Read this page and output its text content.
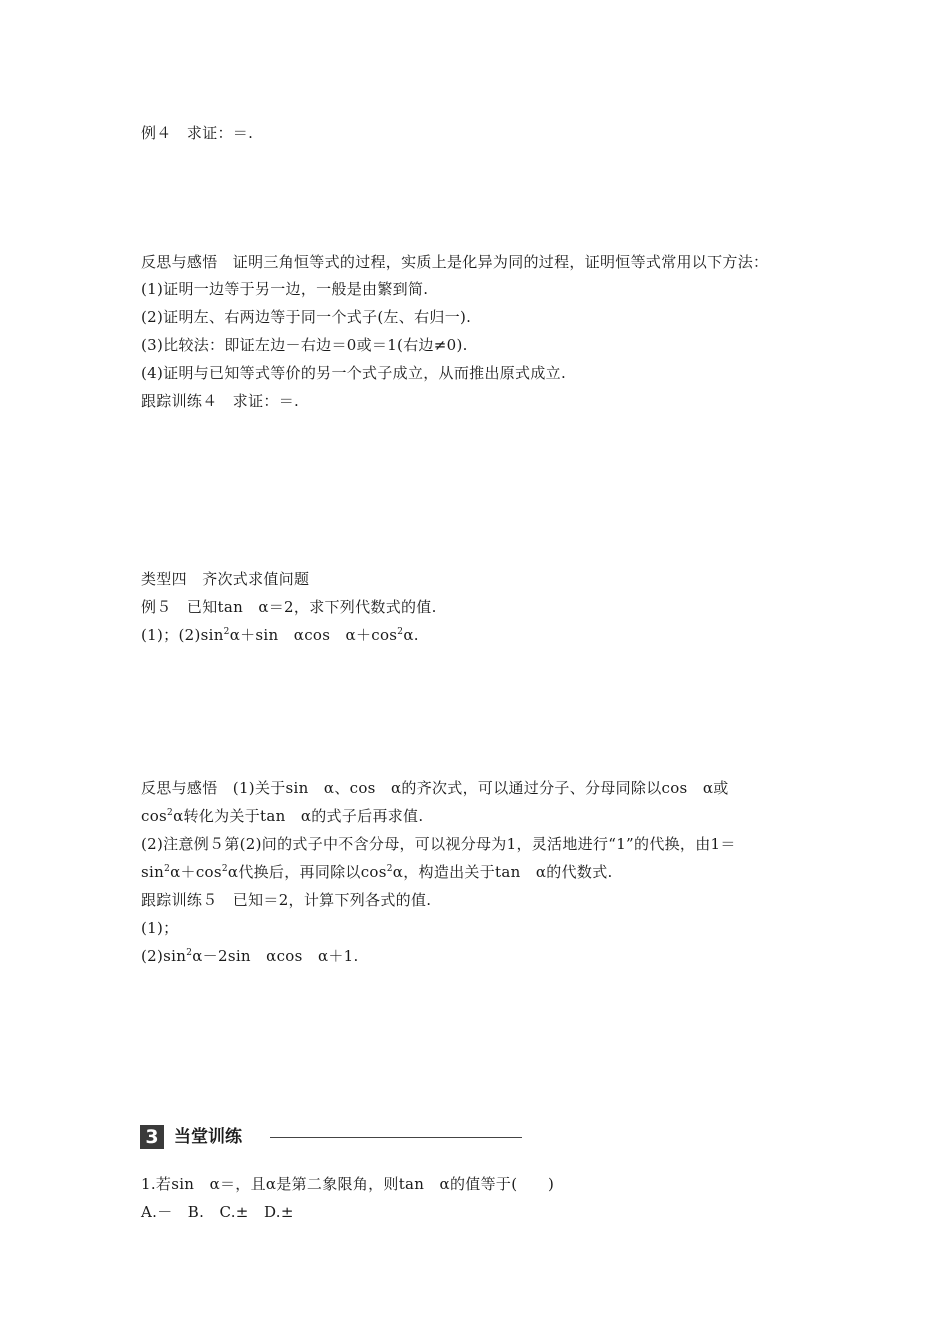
例４　求证：＝.
反思与感悟　证明三角恒等式的过程，实质上是化异为同的过程，证明恒等式常用以下方法：
(1)证明一边等于另一边，一般是由繁到简.
(2)证明左、右两边等于同一个式子(左、右归一).
(3)比较法：即证左边－右边＝0或＝1(右边≠0).
(4)证明与已知等式等价的另一个式子成立，从而推出原式成立.
跟踪训练４　求证：＝.
类型四　齐次式求值问题
例５　已知tan　α＝2，求下列代数式的值.
(1)；$(2)\sin^2\alpha+\sin$　αcos　$\alpha+\cos^2\alpha$.
反思与感悟　(1)关于sin　α、cos　α的齐次式，可以通过分子、分母同除以cos　α或
$\cos^2\alpha$转化为关于tan　α的式子后再求值.
(2)注意例５第(2)问的式子中不含分母，可以视分母为1，灵活地进行“1”的代换，由1＝
$\sin^2\alpha+\cos^2\alpha$代换后，再同除以$\cos^2\alpha$，构造出关于tan　α的代数式.
跟踪训练５　已知＝2，计算下列各式的值.
(1)；
$(2)\sin^2\alpha-2\sin$　αcos　α＋1.
3 当堂训练
1.若sin　α＝，且α是第二象限角，则tan　α的值等于(　　)
A.－　B.　C.±　D.±
